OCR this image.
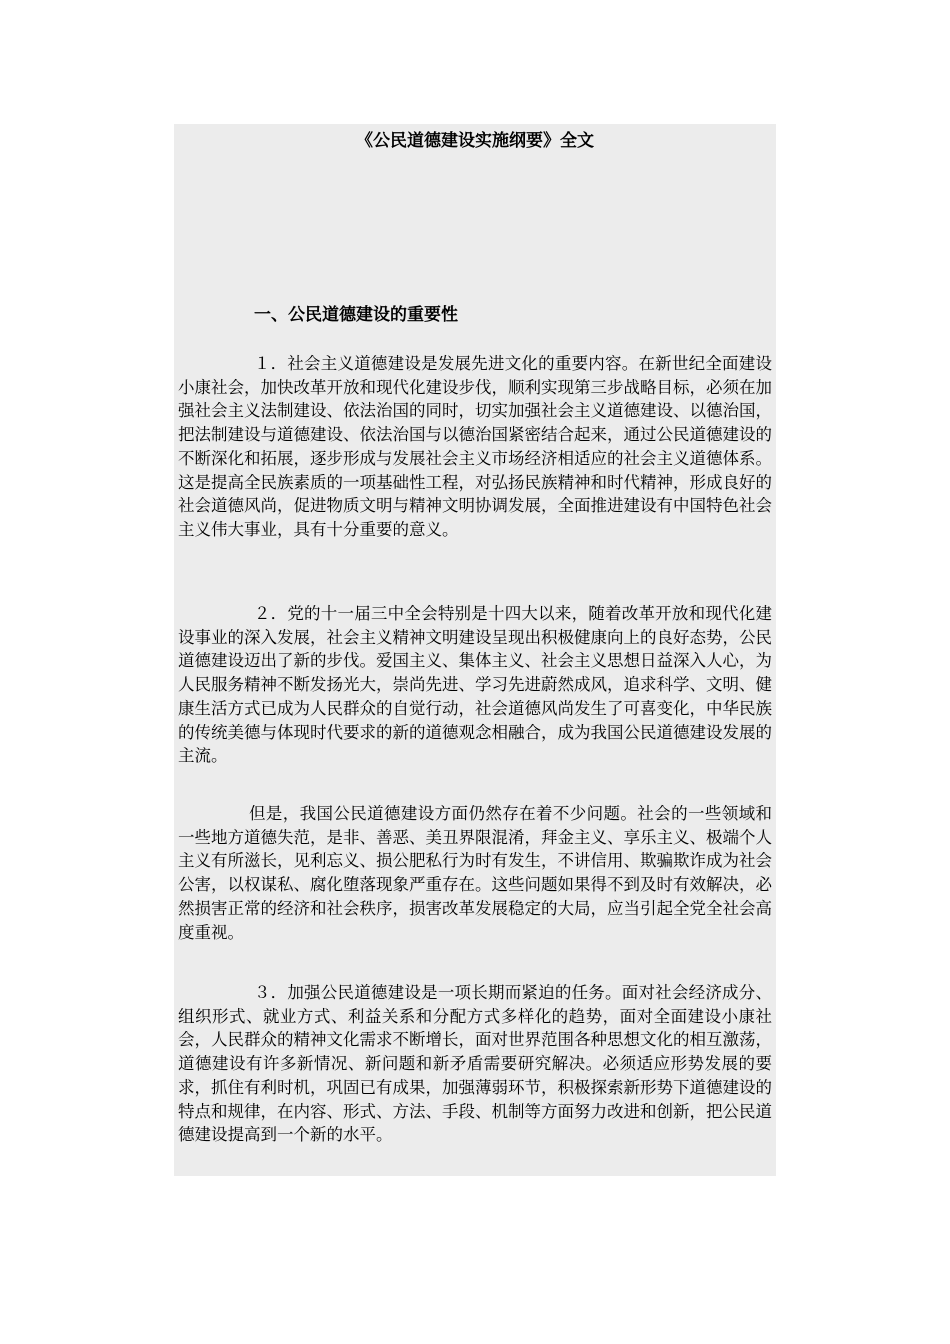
《公民道德建设实施纲要》全文
一、公民道德建设的重要性

１．社会主义道德建设是发展先进文化的重要内容。在新世纪全面建设小康社会，加快改革开放和现代化建设步伐，顺利实现第三步战略目标，必须在加强社会主义法制建设、依法治国的同时，切实加强社会主义道德建设、以德治国，把法制建设与道德建设、依法治国与以德治国紧密结合起来，通过公民道德建设的不断深化和拓展，逐步形成与发展社会主义市场经济相适应的社会主义道德体系。这是提高全民族素质的一项基础性工程，对弘扬民族精神和时代精神，形成良好的社会道德风尚，促进物质文明与精神文明协调发展，全面推进建设有中国特色社会主义伟大事业，具有十分重要的意义。

２．党的十一届三中全会特别是十四大以来，随着改革开放和现代化建设事业的深入发展，社会主义精神文明建设呈现出积极健康向上的良好态势，公民道德建设迈出了新的步伐。爱国主义、集体主义、社会主义思想日益深入人心，为人民服务精神不断发扬光大，崇尚先进、学习先进蔚然成风，追求科学、文明、健康生活方式已成为人民群众的自觉行动，社会道德风尚发生了可喜变化，中华民族的传统美德与体现时代要求的新的道德观念相融合，成为我国公民道德建设发展的主流。

但是，我国公民道德建设方面仍然存在着不少问题。社会的一些领域和一些地方道德失范，是非、善恶、美丑界限混淆，拜金主义、享乐主义、极端个人主义有所滋长，见利忘义、损公肥私行为时有发生，不讲信用、欺骗欺诈成为社会公害，以权谋私、腐化堕落现象严重存在。这些问题如果得不到及时有效解决，必然损害正常的经济和社会秩序，损害改革发展稳定的大局，应当引起全党全社会高度重视。

３．加强公民道德建设是一项长期而紧迫的任务。面对社会经济成分、组织形式、就业方式、利益关系和分配方式多样化的趋势，面对全面建设小康社会，人民群众的精神文化需求不断增长，面对世界范围各种思想文化的相互激荡，道德建设有许多新情况、新问题和新矛盾需要研究解决。必须适应形势发展的要求，抓住有利时机，巩固已有成果，加强薄弱环节，积极探索新形势下道德建设的特点和规律，在内容、形式、方法、手段、机制等方面努力改进和创新，把公民道德建设提高到一个新的水平。
